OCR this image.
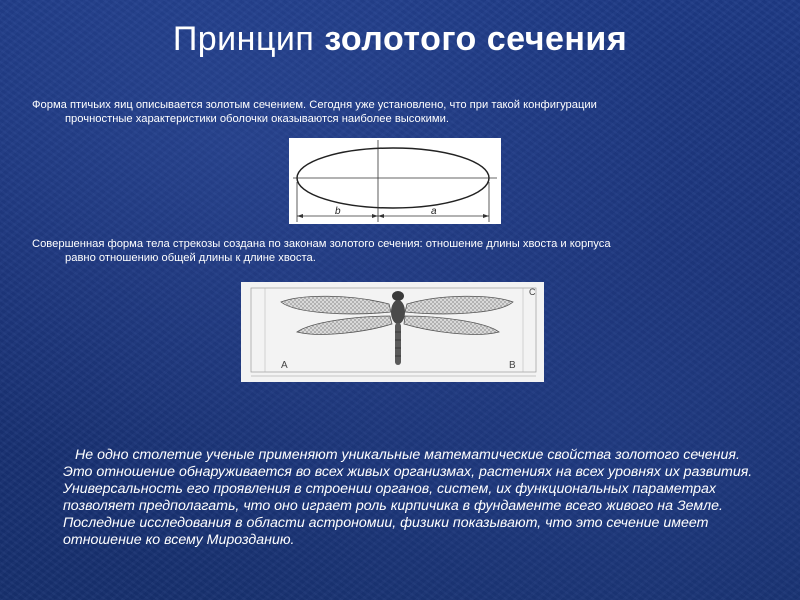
Принцип золотого сечения
Форма птичьих яиц описывается золотым сечением. Сегодня уже установлено, что при такой конфигурации
прочностные характеристики оболочки оказываются наиболее высокими.
b	a
Совершенная форма тела стрекозы создана по законам золотого сечения: отношение длины хвоста и корпуса
равно отношению общей длины к длине хвоста.
A	B
C
Не одно столетие ученые применяют уникальные математические свойства золотого сечения. Это отношение обнаруживается во всех живых организмах, растениях на всех уровнях их развития. Универсальность его проявления в строении органов, систем, их функциональных параметрах позволяет предполагать, что оно играет роль кирпичика в фундаменте всего живого на Земле. Последние исследования в области астрономии, физики показывают, что это сечение имеет отношение ко всему Мирозданию.
